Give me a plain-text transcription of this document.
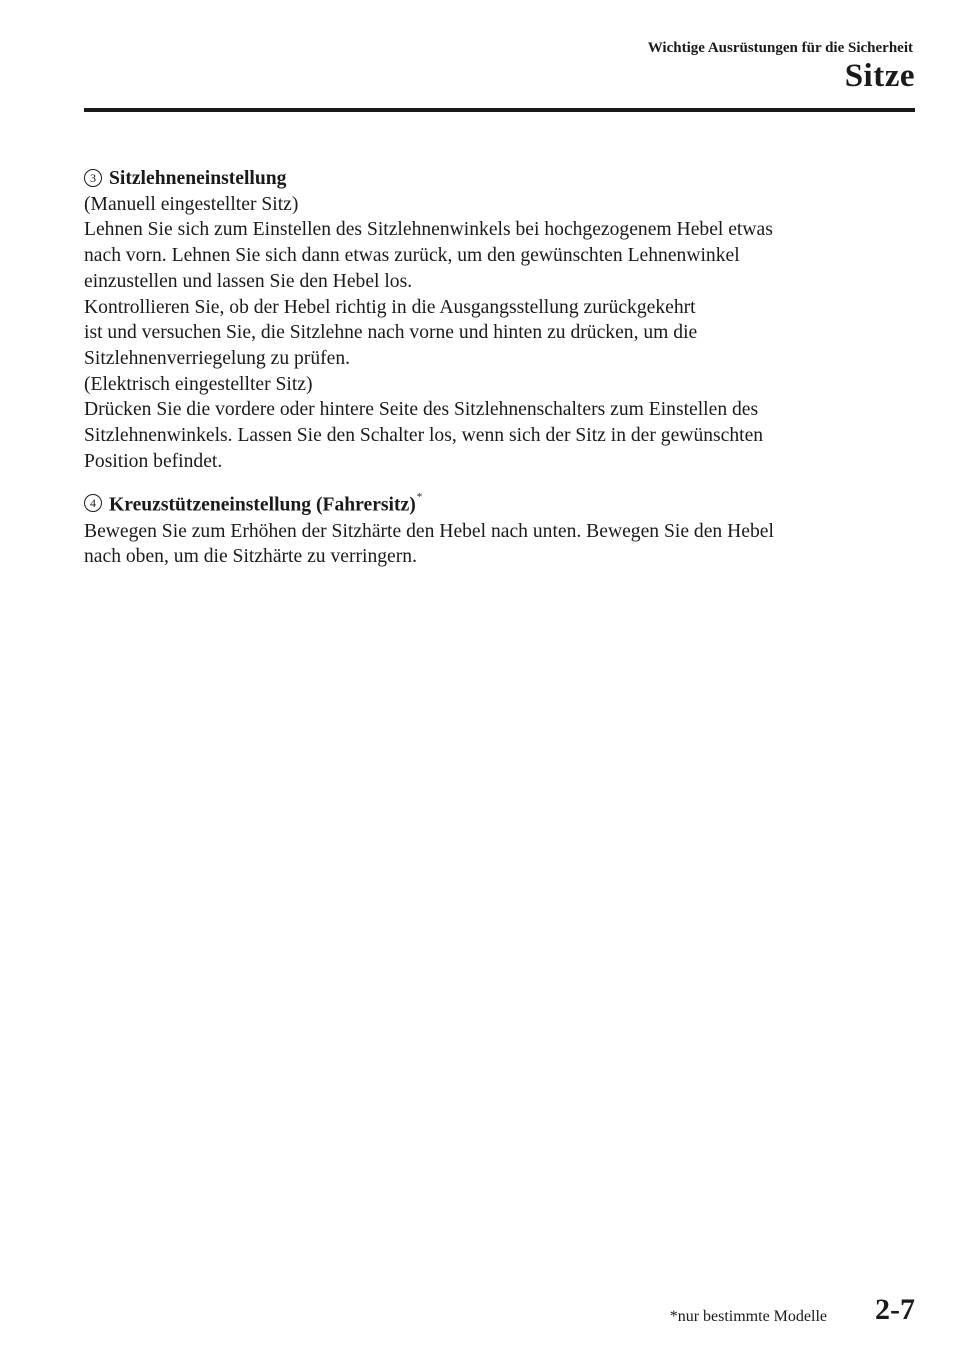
Wichtige Ausrüstungen für die Sicherheit
Sitze
3 Sitzlehneneinstellung
(Manuell eingestellter Sitz)
Lehnen Sie sich zum Einstellen des Sitzlehnenwinkels bei hochgezogenem Hebel etwas
nach vorn. Lehnen Sie sich dann etwas zurück, um den gewünschten Lehnenwinkel
einzustellen und lassen Sie den Hebel los.
Kontrollieren Sie, ob der Hebel richtig in die Ausgangsstellung zurückgekehrt
ist und versuchen Sie, die Sitzlehne nach vorne und hinten zu drücken, um die
Sitzlehnenverriegelung zu prüfen.
(Elektrisch eingestellter Sitz)
Drücken Sie die vordere oder hintere Seite des Sitzlehnenschalters zum Einstellen des
Sitzlehnenwinkels. Lassen Sie den Schalter los, wenn sich der Sitz in der gewünschten
Position befindet.
4 Kreuzstützeneinstellung (Fahrersitz)*
Bewegen Sie zum Erhöhen der Sitzhärte den Hebel nach unten. Bewegen Sie den Hebel
nach oben, um die Sitzhärte zu verringern.
*nur bestimmte Modelle 2-7
